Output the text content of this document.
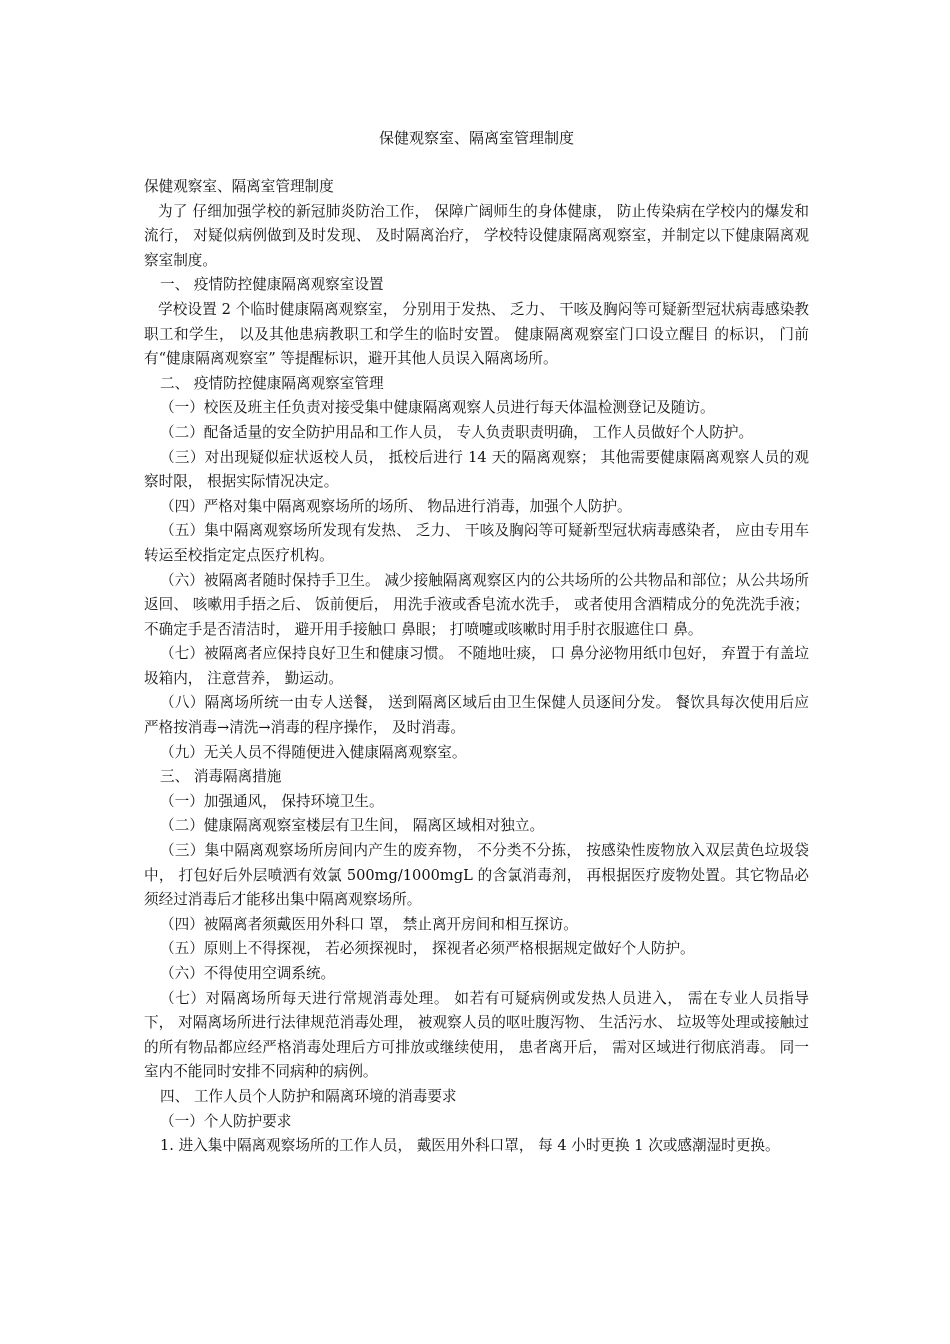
保健观察室、隔离室管理制度

保健观察室、隔离室管理制度

为了 仔细加强学校的新冠肺炎防治工作， 保障广阔师生的身体健康， 防止传染病在学校内的爆发和流行， 对疑似病例做到及时发现、 及时隔离治疗， 学校特设健康隔离观察室，并制定以下健康隔离观察室制度。

一、 疫情防控健康隔离观察室设置

学校设置 2 个临时健康隔离观察室， 分别用于发热、 乏力、 干咳及胸闷等可疑新型冠状病毒感染教职工和学生， 以及其他患病教职工和学生的临时安置。 健康隔离观察室门口设立醒目 的标识， 门前有“健康隔离观察室” 等提醒标识，避开其他人员误入隔离场所。

二、 疫情防控健康隔离观察室管理

（一）校医及班主任负责对接受集中健康隔离观察人员进行每天体温检测登记及随访。

（二）配备适量的安全防护用品和工作人员， 专人负责职责明确， 工作人员做好个人防护。

（三）对出现疑似症状返校人员， 抵校后进行 14 天的隔离观察； 其他需要健康隔离观察人员的观察时限， 根据实际情况决定。

（四）严格对集中隔离观察场所的场所、 物品进行消毒，加强个人防护。

（五）集中隔离观察场所发现有发热、 乏力、 干咳及胸闷等可疑新型冠状病毒感染者， 应由专用车转运至校指定定点医疗机构。

（六）被隔离者随时保持手卫生。 减少接触隔离观察区内的公共场所的公共物品和部位；从公共场所返回、 咳嗽用手捂之后、 饭前便后， 用洗手液或香皂流水洗手， 或者使用含酒精成分的免洗洗手液； 不确定手是否清洁时， 避开用手接触口 鼻眼； 打喷嚏或咳嗽时用手肘衣服遮住口 鼻。

（七）被隔离者应保持良好卫生和健康习惯。 不随地吐痰， 口 鼻分泌物用纸巾包好， 弃置于有盖垃圾箱内， 注意营养， 勤运动。

（八）隔离场所统一由专人送餐， 送到隔离区域后由卫生保健人员逐间分发。 餐饮具每次使用后应严格按消毒→清洗→消毒的程序操作， 及时消毒。

（九）无关人员不得随便进入健康隔离观察室。

三、 消毒隔离措施

（一）加强通风， 保持环境卫生。

（二）健康隔离观察室楼层有卫生间， 隔离区域相对独立。

（三）集中隔离观察场所房间内产生的废弃物， 不分类不分拣， 按感染性废物放入双层黄色垃圾袋中， 打包好后外层喷洒有效氯 500mg/1000mgL 的含氯消毒剂， 再根据医疗废物处置。其它物品必须经过消毒后才能移出集中隔离观察场所。

（四）被隔离者须戴医用外科口 罩， 禁止离开房间和相互探访。

（五）原则上不得探视， 若必须探视时， 探视者必须严格根据规定做好个人防护。

（六）不得使用空调系统。

（七）对隔离场所每天进行常规消毒处理。 如若有可疑病例或发热人员进入， 需在专业人员指导下， 对隔离场所进行法律规范消毒处理， 被观察人员的呕吐腹泻物、 生活污水、 垃圾等处理或接触过的所有物品都应经严格消毒处理后方可排放或继续使用， 患者离开后， 需对区域进行彻底消毒。 同一室内不能同时安排不同病种的病例。

四、 工作人员个人防护和隔离环境的消毒要求

（一）个人防护要求

1. 进入集中隔离观察场所的工作人员， 戴医用外科口罩， 每 4 小时更换 1 次或感潮湿时更换。
